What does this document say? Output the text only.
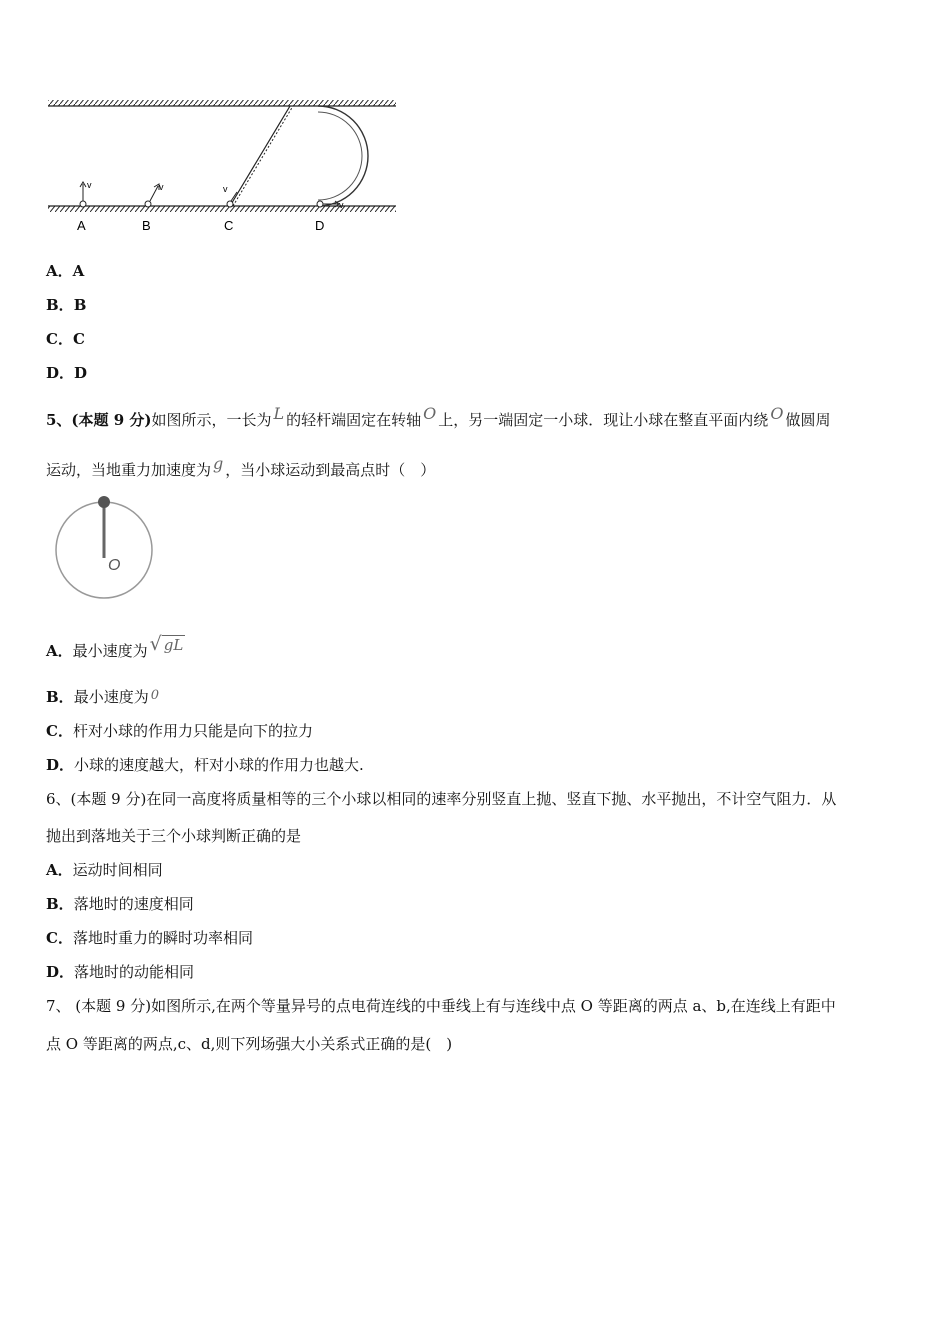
v	v	v
v
A	B	C	D
A．A
B．B
C．C
D．D
5、(本题 9 分)如图所示，一长为 L 的轻杆端固定在转轴 O 上，另一端固定一小球．现让小球在整直平面内绕 O 做圆周
运动，当地重力加速度为 g ，当小球运动到最高点时（　）
O
A．最小速度为 √ gL
B．最小速度为 0
C．杆对小球的作用力只能是向下的拉力
D．小球的速度越大，杆对小球的作用力也越大.
6、(本题 9 分)在同一高度将质量相等的三个小球以相同的速率分别竖直上抛、竖直下抛、水平抛出，不计空气阻力．从
抛出到落地关于三个小球判断正确的是
A．运动时间相同
B．落地时的速度相同
C．落地时重力的瞬时功率相同
D．落地时的动能相同
7、 (本题 9 分)如图所示,在两个等量异号的点电荷连线的中垂线上有与连线中点 O 等距离的两点 a、b,在连线上有距中
点 O 等距离的两点,c、d,则下列场强大小关系式正确的是(　)
